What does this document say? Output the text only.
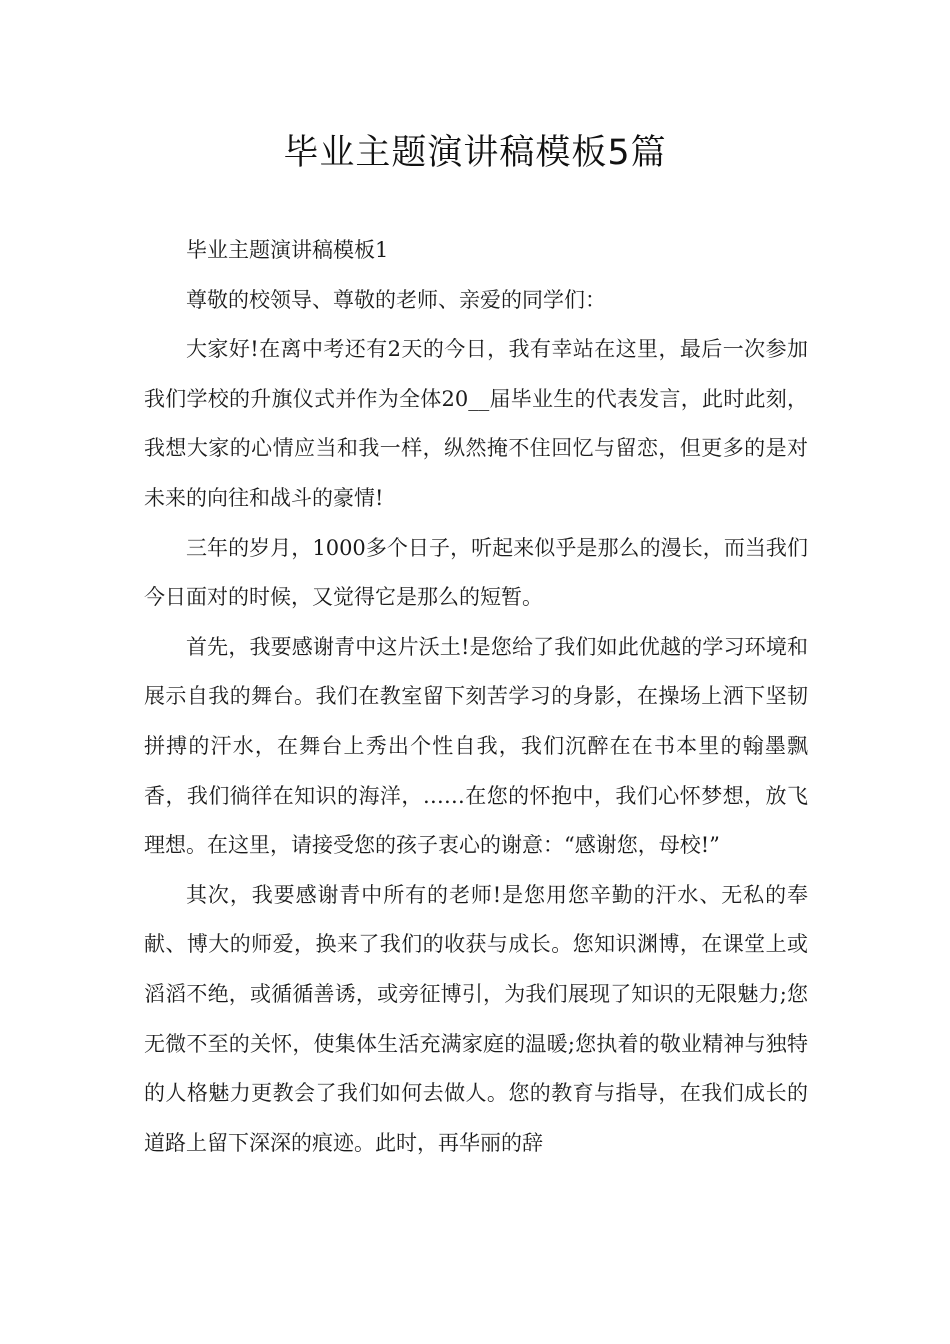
毕业主题演讲稿模板5篇

毕业主题演讲稿模板1

尊敬的校领导、尊敬的老师、亲爱的同学们：

大家好!在离中考还有2天的今日，我有幸站在这里，最后一次参加我们学校的升旗仪式并作为全体20__届毕业生的代表发言，此时此刻，我想大家的心情应当和我一样，纵然掩不住回忆与留恋，但更多的是对未来的向往和战斗的豪情!

三年的岁月，1000多个日子，听起来似乎是那么的漫长，而当我们今日面对的时候，又觉得它是那么的短暂。

首先，我要感谢青中这片沃土!是您给了我们如此优越的学习环境和展示自我的舞台。我们在教室留下刻苦学习的身影，在操场上洒下坚韧拼搏的汗水，在舞台上秀出个性自我，我们沉醉在在书本里的翰墨飘香，我们徜徉在知识的海洋，……在您的怀抱中，我们心怀梦想，放飞理想。在这里，请接受您的孩子衷心的谢意：“感谢您，母校!”

其次，我要感谢青中所有的老师!是您用您辛勤的汗水、无私的奉献、博大的师爱，换来了我们的收获与成长。您知识渊博，在课堂上或滔滔不绝，或循循善诱，或旁征博引，为我们展现了知识的无限魅力;您无微不至的关怀，使集体生活充满家庭的温暖;您执着的敬业精神与独特的人格魅力更教会了我们如何去做人。您的教育与指导，在我们成长的道路上留下深深的痕迹。此时，再华丽的辞
